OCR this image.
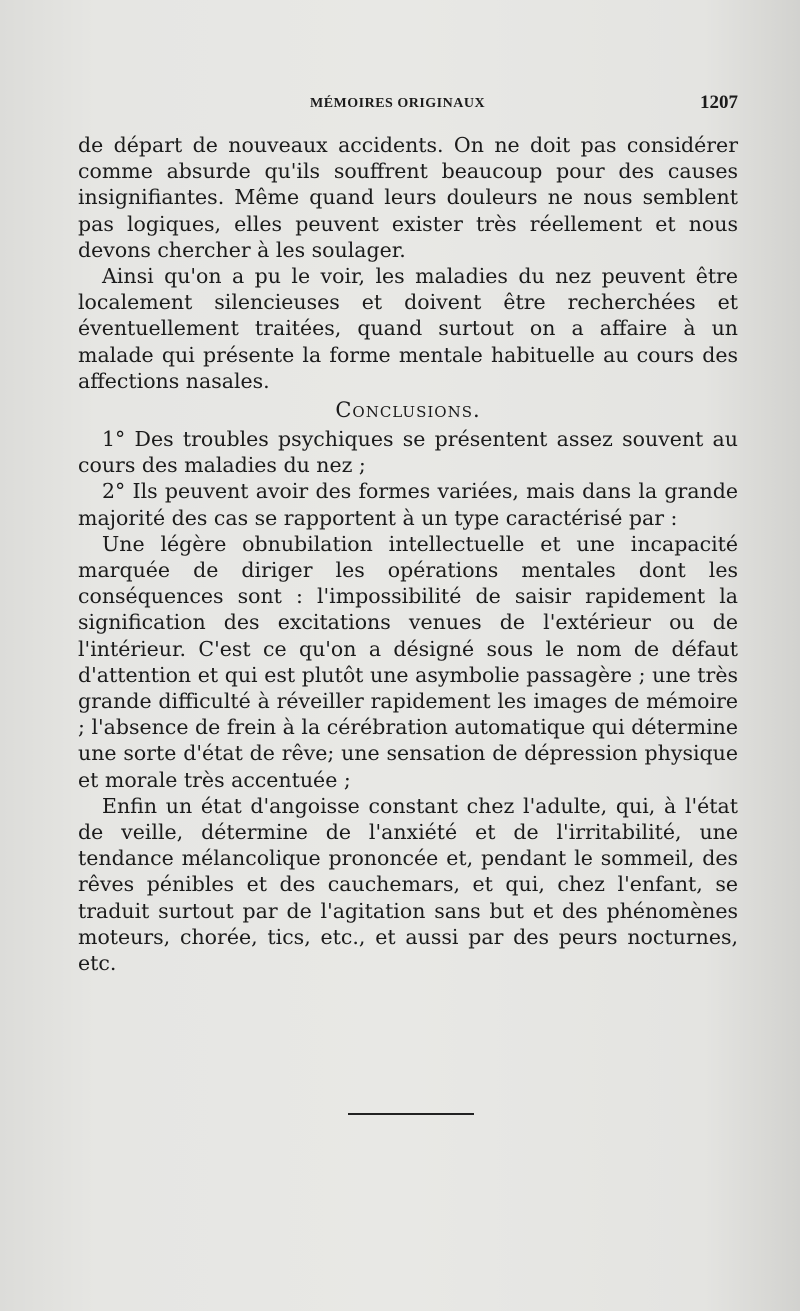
MÉMOIRES ORIGINAUX	1207

de départ de nouveaux accidents. On ne doit pas considérer comme absurde qu'ils souffrent beaucoup pour des causes insignifiantes. Même quand leurs douleurs ne nous semblent pas logiques, elles peuvent exister très réellement et nous devons chercher à les soulager.

Ainsi qu'on a pu le voir, les maladies du nez peuvent être localement silencieuses et doivent être recherchées et éventuellement traitées, quand surtout on a affaire à un malade qui présente la forme mentale habituelle au cours des affections nasales.

Conclusions.

1° Des troubles psychiques se présentent assez souvent au cours des maladies du nez ;

2° Ils peuvent avoir des formes variées, mais dans la grande majorité des cas se rapportent à un type caractérisé par :

Une légère obnubilation intellectuelle et une incapacité marquée de diriger les opérations mentales dont les conséquences sont : l'impossibilité de saisir rapidement la signification des excitations venues de l'extérieur ou de l'intérieur. C'est ce qu'on a désigné sous le nom de défaut d'attention et qui est plutôt une asymbolie passagère ; une très grande difficulté à réveiller rapidement les images de mémoire ; l'absence de frein à la cérébration automatique qui détermine une sorte d'état de rêve; une sensation de dépression physique et morale très accentuée ;

Enfin un état d'angoisse constant chez l'adulte, qui, à l'état de veille, détermine de l'anxiété et de l'irritabilité, une tendance mélancolique prononcée et, pendant le sommeil, des rêves pénibles et des cauchemars, et qui, chez l'enfant, se traduit surtout par de l'agitation sans but et des phénomènes moteurs, chorée, tics, etc., et aussi par des peurs nocturnes, etc.
